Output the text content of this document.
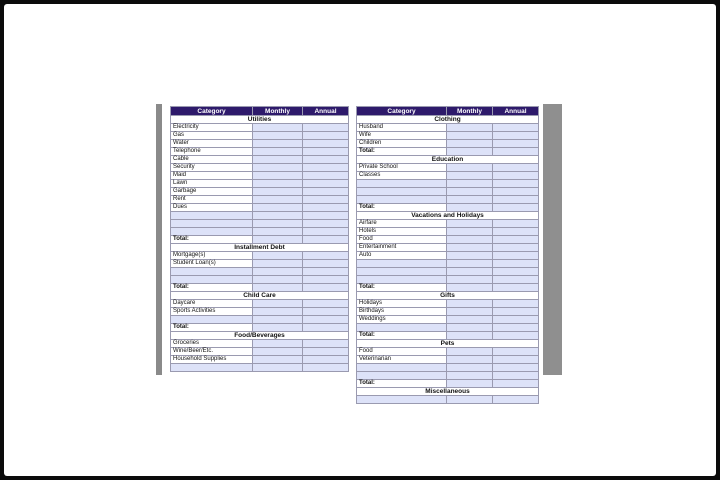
Category	Monthly	Annual
Utilities		
Electricity		
Gas		
Water		
Telephone		
Cable		
Security		
Maid		
Lawn		
Garbage		
Rent		
Dues		

Total:		
Installment Debt		
Mortgage(s)		
Student Loan(s)		

Total:		
Child Care		
Daycare		
Sports Activities		

Total:		
Food/Beverages		
Groceries		
Wine/Beer/Etc.		
Household Supplies		

Category	Monthly	Annual
Clothing		
Husband		
Wife		
Children		
Total:		
Education		
Private School		
Classes		

Total:		
Vacations and Holidays		
Airfare		
Hotels		
Food		
Entertainment		
Auto		

Total:		
Gifts		
Holidays		
Birthdays		
Weddings		

Total:		
Pets		
Food		
Veterinarian		

Total:		
Miscellaneous		
